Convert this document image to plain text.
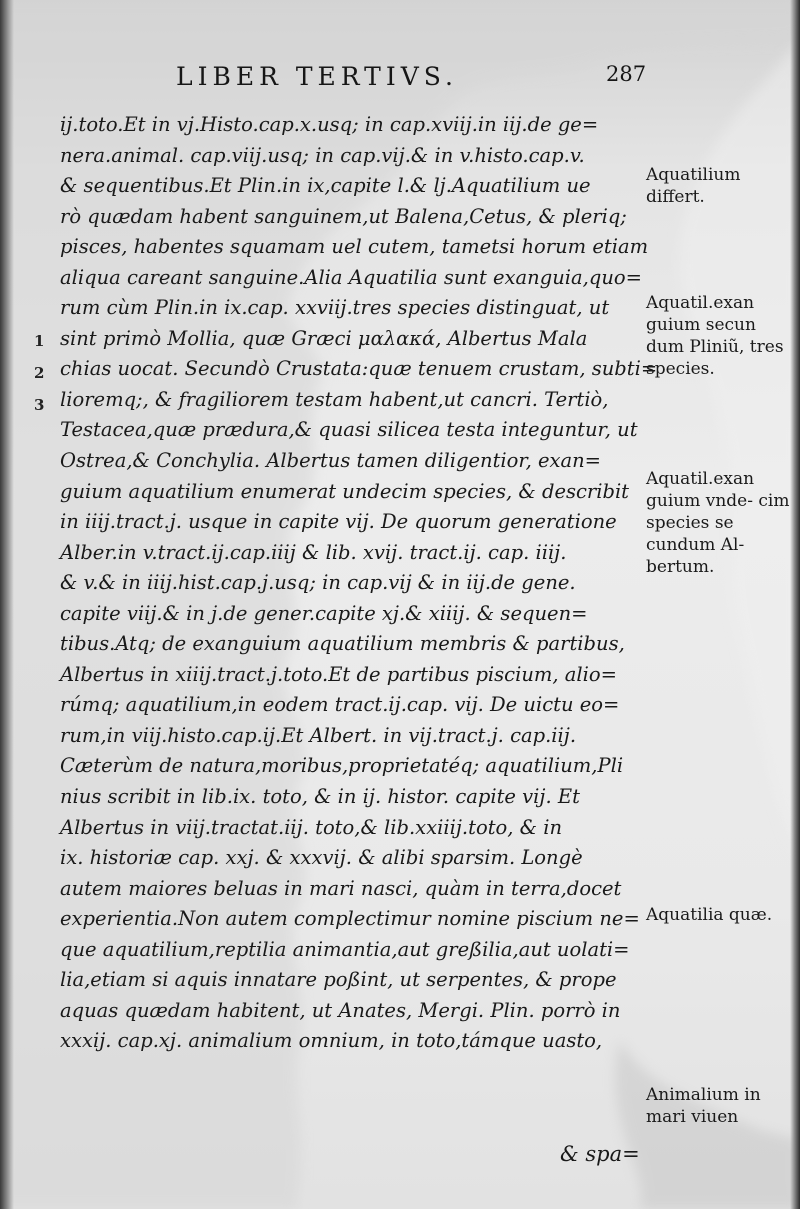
LIBER TERTIVS.	287
1
2
3
ij.toto.Et in vj.Histo.cap.x.usq; in cap.xviij.in iij.de ge=
nera.animal. cap.viij.usq; in cap.vij.& in v.histo.cap.v.
& sequentibus.Et Plin.in ix,capite l.& lj.Aquatilium ue
rò quædam habent sanguinem,ut Balena,Cetus, & pleriq;
pisces, habentes squamam uel cutem, tametsi horum etiam
aliqua careant sanguine.Alia Aquatilia sunt exanguia,quo=
rum cùm Plin.in ix.cap. xxviij.tres species distinguat, ut
sint primò Mollia, quæ Græci μαλακά, Albertus Mala
chias uocat. Secundò Crustata:quæ tenuem crustam, subti=
lioremq;, & fragiliorem testam habent,ut cancri. Tertiò,
Testacea,quæ prædura,& quasi silicea testa integuntur, ut
Ostrea,& Conchylia. Albertus tamen diligentior, exan=
guium aquatilium enumerat undecim species, & describit
in iiij.tract.j. usque in capite vij. De quorum generatione
Alber.in v.tract.ij.cap.iiij & lib. xvij. tract.ij. cap. iiij.
& v.& in iiij.hist.cap.j.usq; in cap.vij & in iij.de gene.
capite viij.& in j.de gener.capite xj.& xiiij. & sequen=
tibus.Atq; de exanguium aquatilium membris & partibus,
Albertus in xiiij.tract.j.toto.Et de partibus piscium, alio=
rúmq; aquatilium,in eodem tract.ij.cap. vij. De uictu eo=
rum,in viij.histo.cap.ij.Et Albert. in vij.tract.j. cap.iij.
Cæterùm de natura,moribus,proprietatéq; aquatilium,Pli
nius scribit in lib.ix. toto, & in ij. histor. capite vij. Et
Albertus in viij.tractat.iij. toto,& lib.xxiiij.toto, & in
ix. historiæ cap. xxj. & xxxvij. & alibi sparsim. Longè
autem maiores beluas in mari nasci, quàm in terra,docet
experientia.Non autem complectimur nomine piscium ne=
que aquatilium,reptilia animantia,aut greßilia,aut uolati=
lia,etiam si aquis innatare poßint, ut serpentes, & prope
aquas quædam habitent, ut Anates, Mergi. Plin. porrò in
xxxij. cap.xj. animalium omnium, in toto,támque uasto,
Aquatilium differt.
Aquatil.exan guium secun dum Pliniũ, tres species.
Aquatil.exan guium vnde- cim species se cundum Al- bertum.
Aquatilia quæ.
Animalium in mari viuen
& spa=
